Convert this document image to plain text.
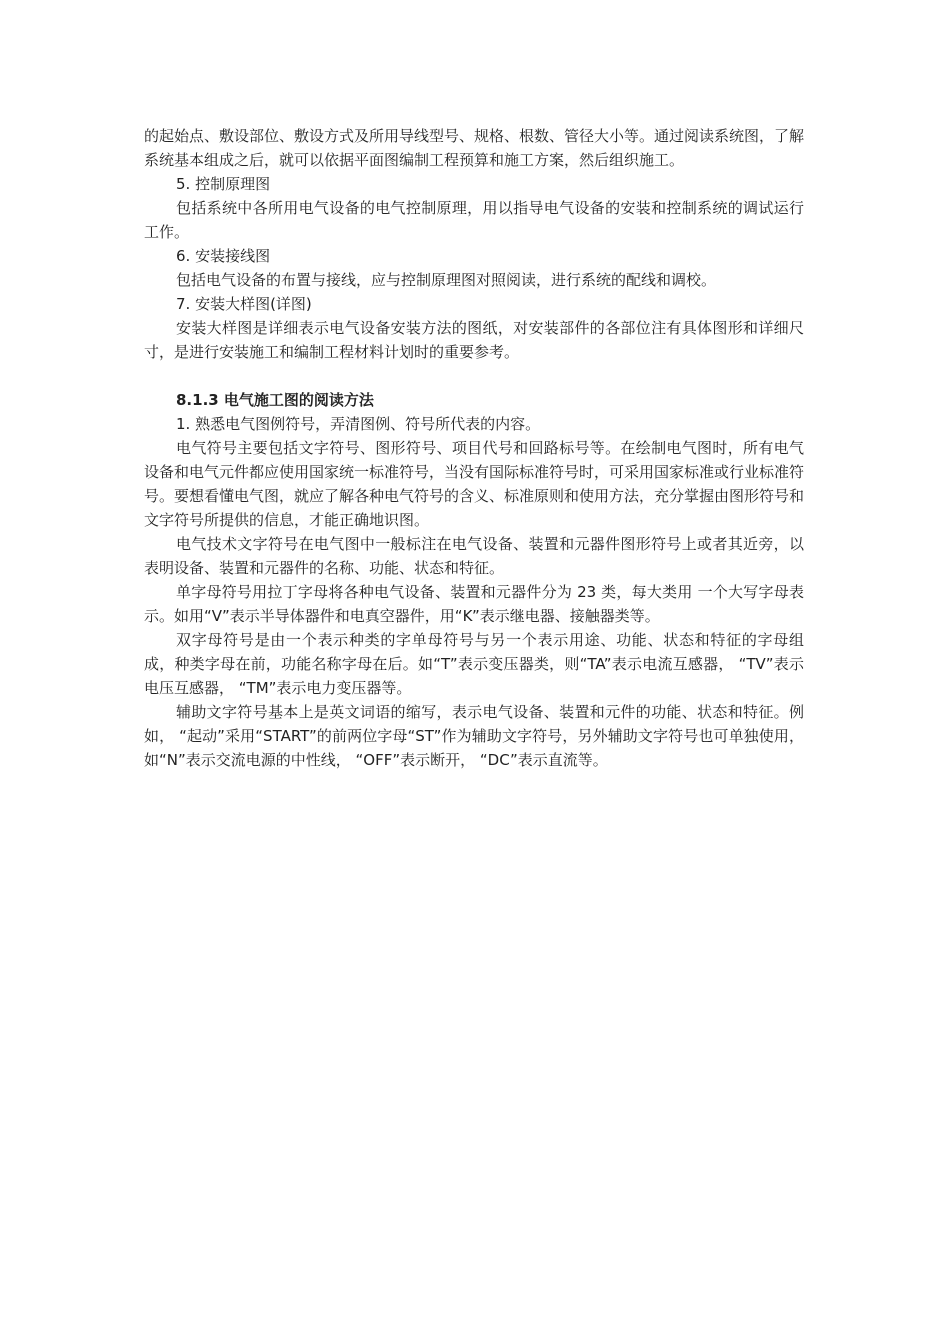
的起始点、敷设部位、敷设方式及所用导线型号、规格、根数、管径大小等。通过阅读系统图，了解系统基本组成之后，就可以依据平面图编制工程预算和施工方案，然后组织施工。

5. 控制原理图

包括系统中各所用电气设备的电气控制原理，用以指导电气设备的安装和控制系统的调试运行工作。

6. 安装接线图

包括电气设备的布置与接线，应与控制原理图对照阅读，进行系统的配线和调校。

7. 安装大样图(详图)

安装大样图是详细表示电气设备安装方法的图纸，对安装部件的各部位注有具体图形和详细尺寸，是进行安装施工和编制工程材料计划时的重要参考。

8.1.3 电气施工图的阅读方法

1. 熟悉电气图例符号，弄清图例、符号所代表的内容。

电气符号主要包括文字符号、图形符号、项目代号和回路标号等。在绘制电气图时，所有电气设备和电气元件都应使用国家统一标准符号，当没有国际标准符号时，可采用国家标准或行业标准符号。要想看懂电气图，就应了解各种电气符号的含义、标准原则和使用方法，充分掌握由图形符号和文字符号所提供的信息，才能正确地识图。

电气技术文字符号在电气图中一般标注在电气设备、装置和元器件图形符号上或者其近旁，以表明设备、装置和元器件的名称、功能、状态和特征。

单字母符号用拉丁字母将各种电气设备、装置和元器件分为 23 类，每大类用 一个大写字母表示。如用“V”表示半导体器件和电真空器件，用“K”表示继电器、接触器类等。

双字母符号是由一个表示种类的字单母符号与另一个表示用途、功能、状态和特征的字母组成，种类字母在前，功能名称字母在后。如“T”表示变压器类，则“TA”表示电流互感器， “TV”表示电压互感器， “TM”表示电力变压器等。

辅助文字符号基本上是英文词语的缩写，表示电气设备、装置和元件的功能、状态和特征。例如， “起动”采用“START”的前两位字母“ST”作为辅助文字符号，另外辅助文字符号也可单独使用，如“N”表示交流电源的中性线， “OFF”表示断开， “DC”表示直流等。
